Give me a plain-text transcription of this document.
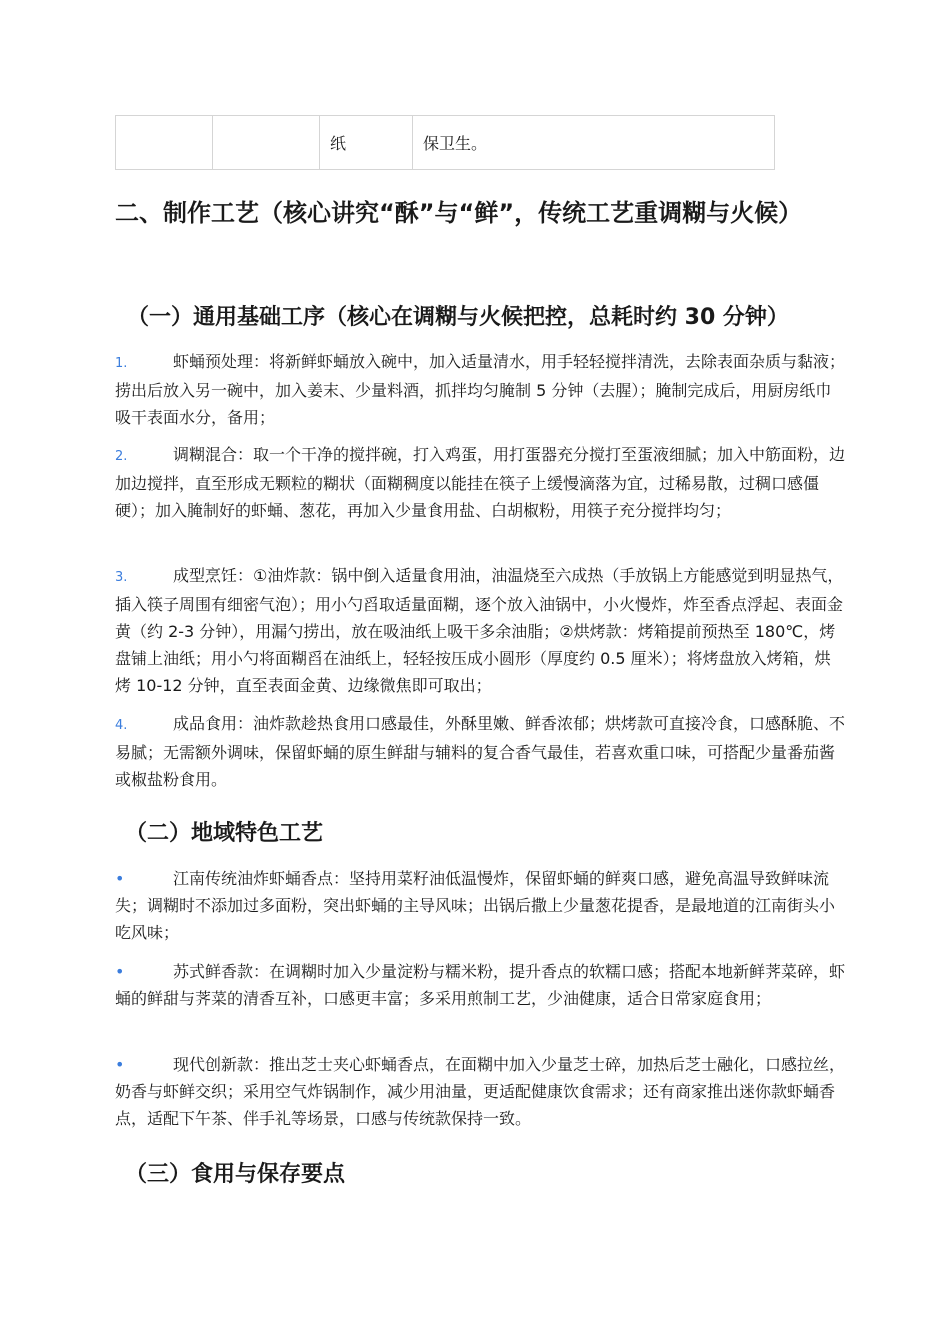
		纸	保卫生。
二、制作工艺（核心讲究“酥”与“鲜”，传统工艺重调糊与火候）
（一）通用基础工序（核心在调糊与火候把控，总耗时约 30 分钟）
1.	虾蛹预处理：将新鲜虾蛹放入碗中，加入适量清水，用手轻轻搅拌清洗，去除表面杂质与黏液；捞出后放入另一碗中，加入姜末、少量料酒，抓拌均匀腌制 5 分钟（去腥）；腌制完成后，用厨房纸巾吸干表面水分，备用；
2.	调糊混合：取一个干净的搅拌碗，打入鸡蛋，用打蛋器充分搅打至蛋液细腻；加入中筋面粉，边加边搅拌，直至形成无颗粒的糊状（面糊稠度以能挂在筷子上缓慢滴落为宜，过稀易散，过稠口感僵硬）；加入腌制好的虾蛹、葱花，再加入少量食用盐、白胡椒粉，用筷子充分搅拌均匀；
3.	成型烹饪：①油炸款：锅中倒入适量食用油，油温烧至六成热（手放锅上方能感觉到明显热气，插入筷子周围有细密气泡）；用小勺舀取适量面糊，逐个放入油锅中，小火慢炸，炸至香点浮起、表面金黄（约 2-3 分钟），用漏勺捞出，放在吸油纸上吸干多余油脂；②烘烤款：烤箱提前预热至 180℃，烤盘铺上油纸；用小勺将面糊舀在油纸上，轻轻按压成小圆形（厚度约 0.5 厘米）；将烤盘放入烤箱，烘烤 10-12 分钟，直至表面金黄、边缘微焦即可取出；
4.	成品食用：油炸款趁热食用口感最佳，外酥里嫩、鲜香浓郁；烘烤款可直接冷食，口感酥脆、不易腻；无需额外调味，保留虾蛹的原生鲜甜与辅料的复合香气最佳，若喜欢重口味，可搭配少量番茄酱或椒盐粉食用。
（二）地域特色工艺
•	江南传统油炸虾蛹香点：坚持用菜籽油低温慢炸，保留虾蛹的鲜爽口感，避免高温导致鲜味流失；调糊时不添加过多面粉，突出虾蛹的主导风味；出锅后撒上少量葱花提香，是最地道的江南街头小吃风味；
•	苏式鲜香款：在调糊时加入少量淀粉与糯米粉，提升香点的软糯口感；搭配本地新鲜荠菜碎，虾蛹的鲜甜与荠菜的清香互补，口感更丰富；多采用煎制工艺，少油健康，适合日常家庭食用；
•	现代创新款：推出芝士夹心虾蛹香点，在面糊中加入少量芝士碎，加热后芝士融化，口感拉丝，奶香与虾鲜交织；采用空气炸锅制作，减少用油量，更适配健康饮食需求；还有商家推出迷你款虾蛹香点，适配下午茶、伴手礼等场景，口感与传统款保持一致。
（三）食用与保存要点
